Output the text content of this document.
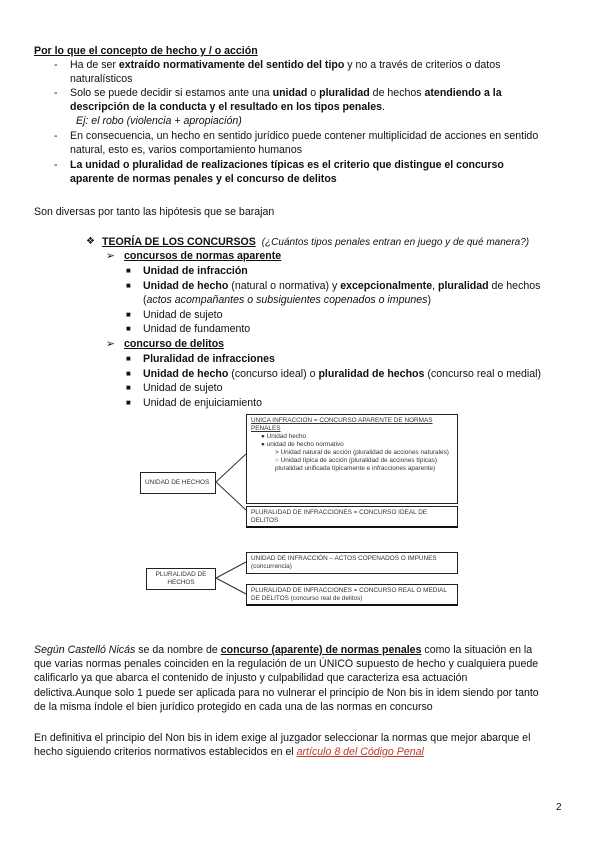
Por lo que el concepto de hecho y / o acción
-	Ha de ser extraído normativamente del sentido del tipo y no a través de criterios o datos
naturalísticos
-	Solo se puede decidir si estamos ante una unidad o pluralidad de hechos atendiendo a la
descripción de la conducta y el resultado en los tipos penales.
Ej: el robo (violencia + apropiación)
-	En consecuencia, un hecho en sentido jurídico puede contener multiplicidad de acciones en sentido
natural, esto es, varios comportamiento humanos
-	La unidad o pluralidad de realizaciones típicas es el criterio que distingue el concurso
aparente de normas penales y el concurso de delitos
Son diversas por tanto las hipótesis que se barajan
❖ TEORÍA DE LOS CONCURSOS (¿Cuántos tipos penales entran en juego y de qué manera?)
➢ concursos de normas aparente
■	Unidad de infracción
■	Unidad de hecho (natural o normativa) y excepcionalmente, pluralidad de hechos
(actos acompañantes o subsiguientes copenados o impunes)
■	Unidad de sujeto
■	Unidad de fundamento
➢ concurso de delitos
■	Pluralidad de infracciones
■	Unidad de hecho (concurso ideal) o pluralidad de hechos (concurso real o medial)
■	Unidad de sujeto
■	Unidad de enjuiciamiento
UNIDAD DE HECHOS
UNICA INFRACCION = CONCURSO APARENTE DE NORMAS PENALES
● Unidad hecho
● unidad de hecho normativo
> Unidad natural de acción (pluralidad de acciones naturales)
○ Unidad típica de acción (pluralidad de acciones típicas) pluralidad unificada típicamente e infracciones aparente)
PLURALIDAD DE INFRACCIONES = CONCURSO IDEAL DE DELITOS
PLURALIDAD DE HECHOS
UNIDAD DE INFRACCIÓN – ACTOS COPENADOS O IMPUNES (concurrencia)
PLURALIDAD DE INFRACCIONES = CONCURSO REAL O MEDIAL DE DELITOS (concurso real de delitos)
Según Castelló Nicás se da nombre de concurso (aparente) de normas penales como la situación en la
que varias normas penales coinciden en la regulación de un ÚNICO supuesto de hecho y cualquiera puede
calificarlo ya que abarca el contenido de injusto y culpabilidad que caracteriza esa actuación
delictiva.Aunque solo 1 puede ser aplicada para no vulnerar el principio de Non bis in idem siendo por tanto
de la misma índole el bien jurídico protegido en cada una de las normas en concurso
En definitiva el principio del Non bis in idem exige al juzgador seleccionar la normas que mejor abarque el
hecho siguiendo criterios normativos establecidos en el artículo 8 del Código Penal
2
